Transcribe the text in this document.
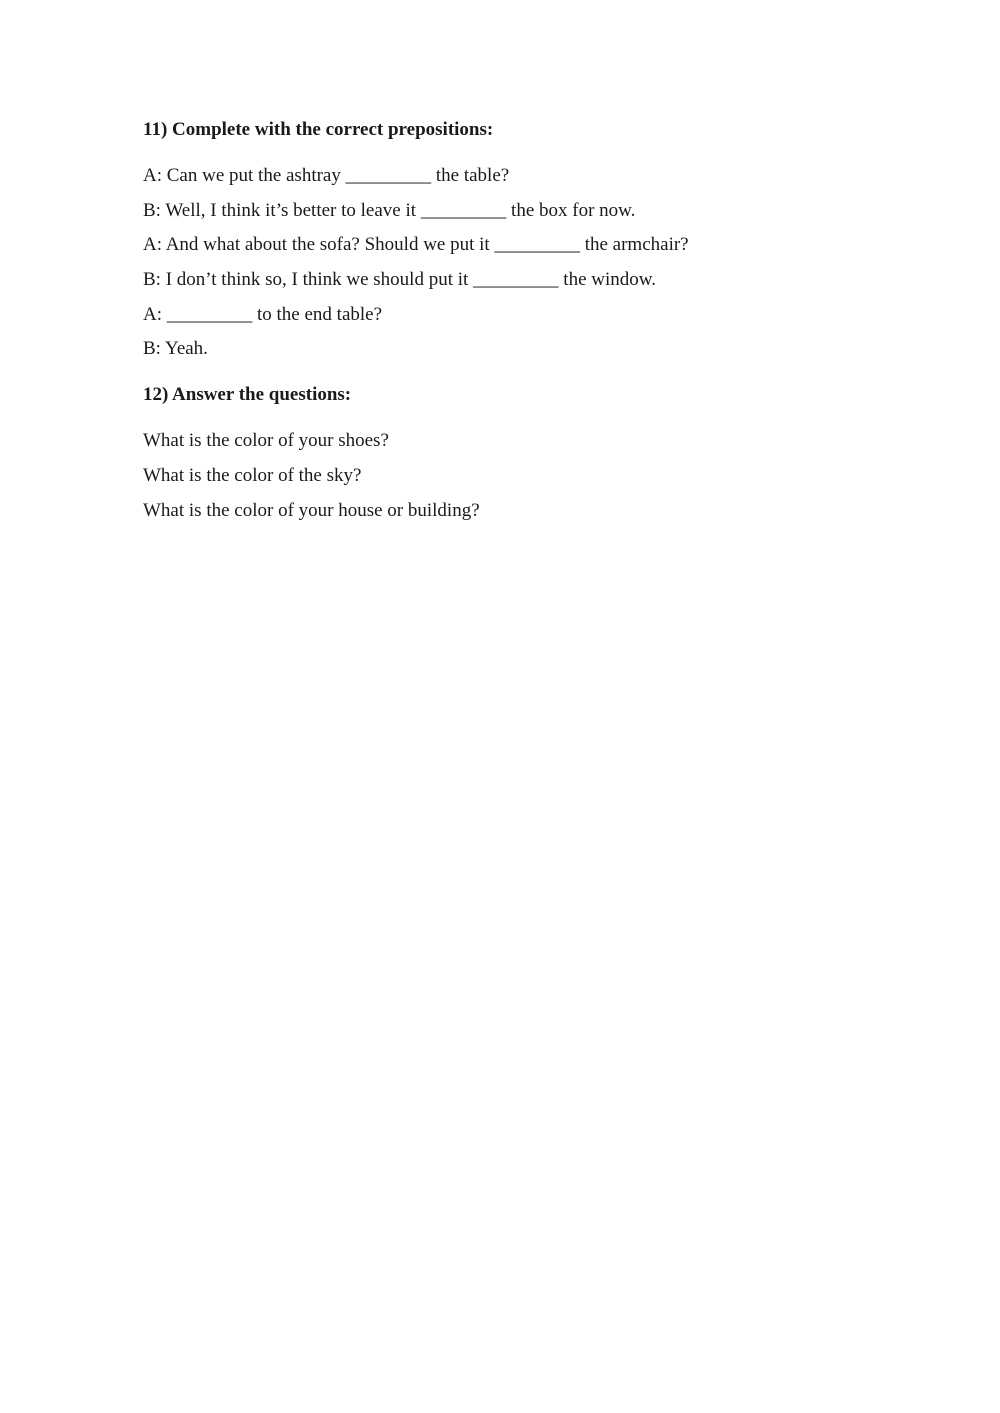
11) Complete with the correct prepositions:

A: Can we put the ashtray _________ the table?

B: Well, I think it’s better to leave it _________ the box for now.

A: And what about the sofa? Should we put it _________ the armchair?

B: I don’t think so, I think we should put it _________ the window.

A: _________ to the end table?

B: Yeah.

12) Answer the questions:

What is the color of your shoes?

What is the color of the sky?

What is the color of your house or building?
